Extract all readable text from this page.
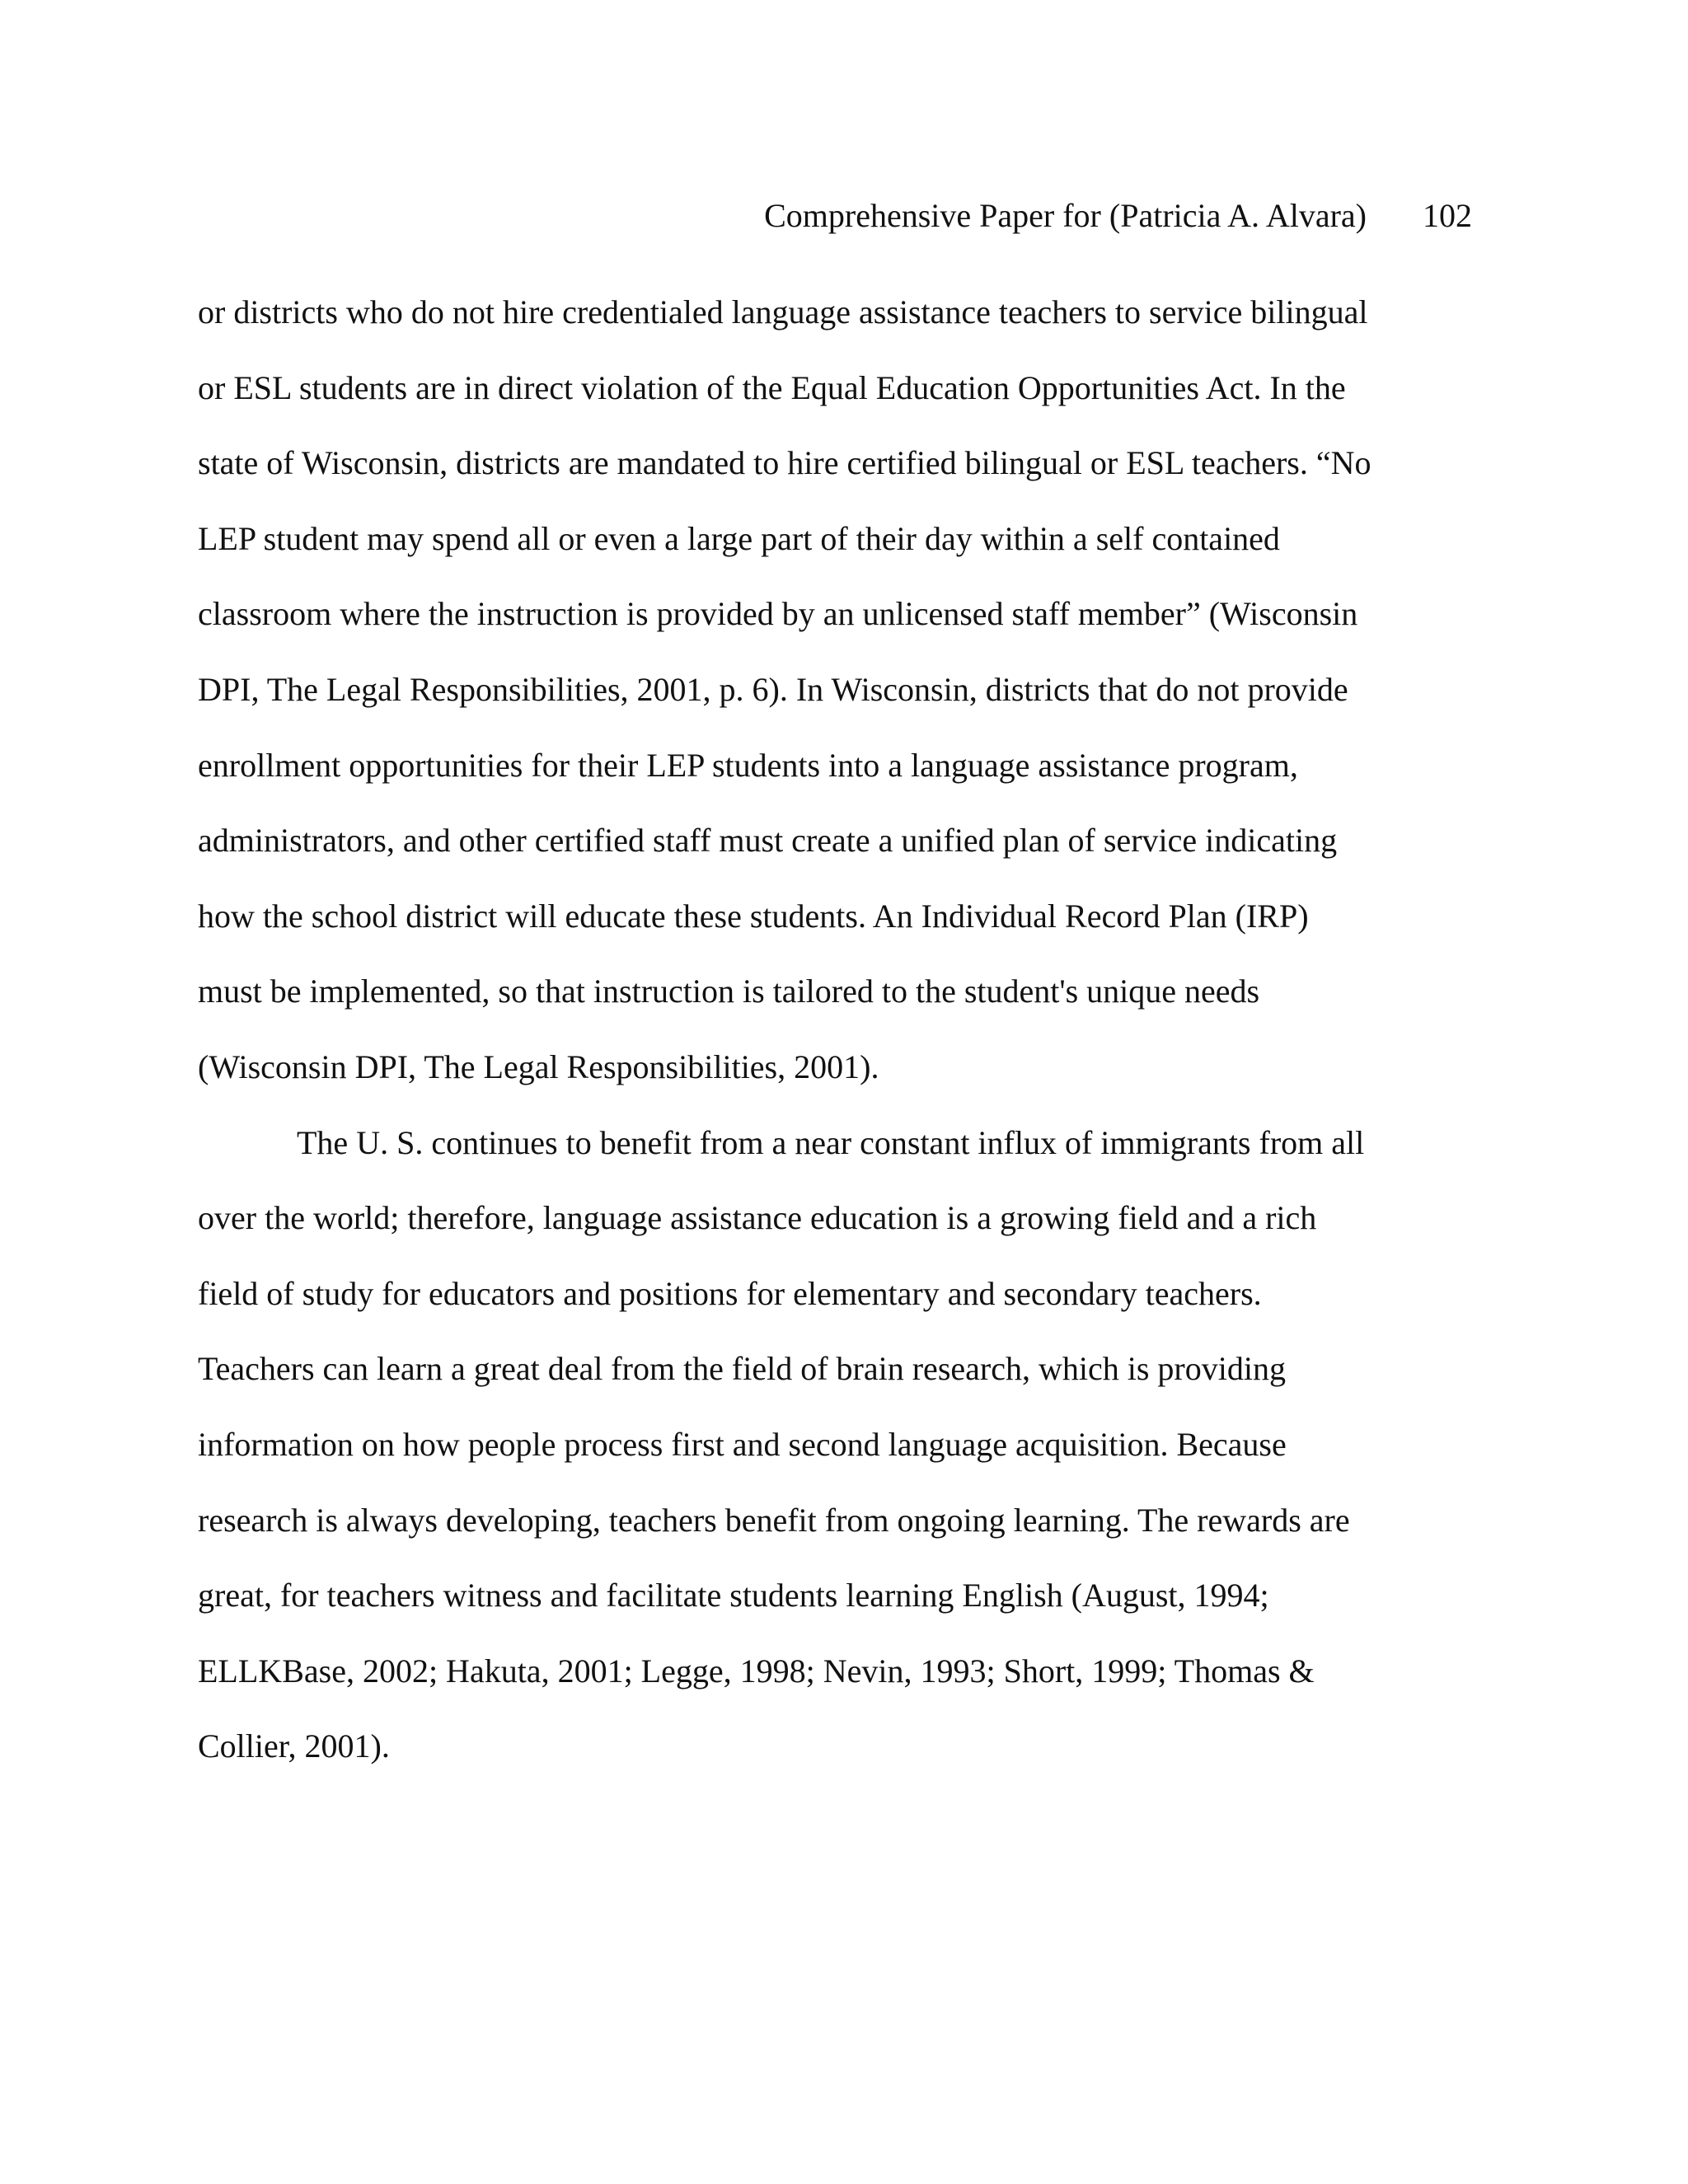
Comprehensive Paper for (Patricia A. Alvara) 102
or districts who do not hire credentialed language assistance teachers to service bilingual
or ESL students are in direct violation of the Equal Education Opportunities Act. In the
state of Wisconsin, districts are mandated to hire certified bilingual or ESL teachers. “No
LEP student may spend all or even a large part of their day within a self contained
classroom where the instruction is provided by an unlicensed staff member” (Wisconsin
DPI, The Legal Responsibilities, 2001, p. 6). In Wisconsin, districts that do not provide
enrollment opportunities for their LEP students into a language assistance program,
administrators, and other certified staff must create a unified plan of service indicating
how the school district will educate these students. An Individual Record Plan (IRP)
must be implemented, so that instruction is tailored to the student's unique needs
(Wisconsin DPI, The Legal Responsibilities, 2001).
The U. S. continues to benefit from a near constant influx of immigrants from all
over the world; therefore, language assistance education is a growing field and a rich
field of study for educators and positions for elementary and secondary teachers.
Teachers can learn a great deal from the field of brain research, which is providing
information on how people process first and second language acquisition. Because
research is always developing, teachers benefit from ongoing learning. The rewards are
great, for teachers witness and facilitate students learning English (August, 1994;
ELLKBase, 2002; Hakuta, 2001; Legge, 1998; Nevin, 1993; Short, 1999; Thomas &
Collier, 2001).
